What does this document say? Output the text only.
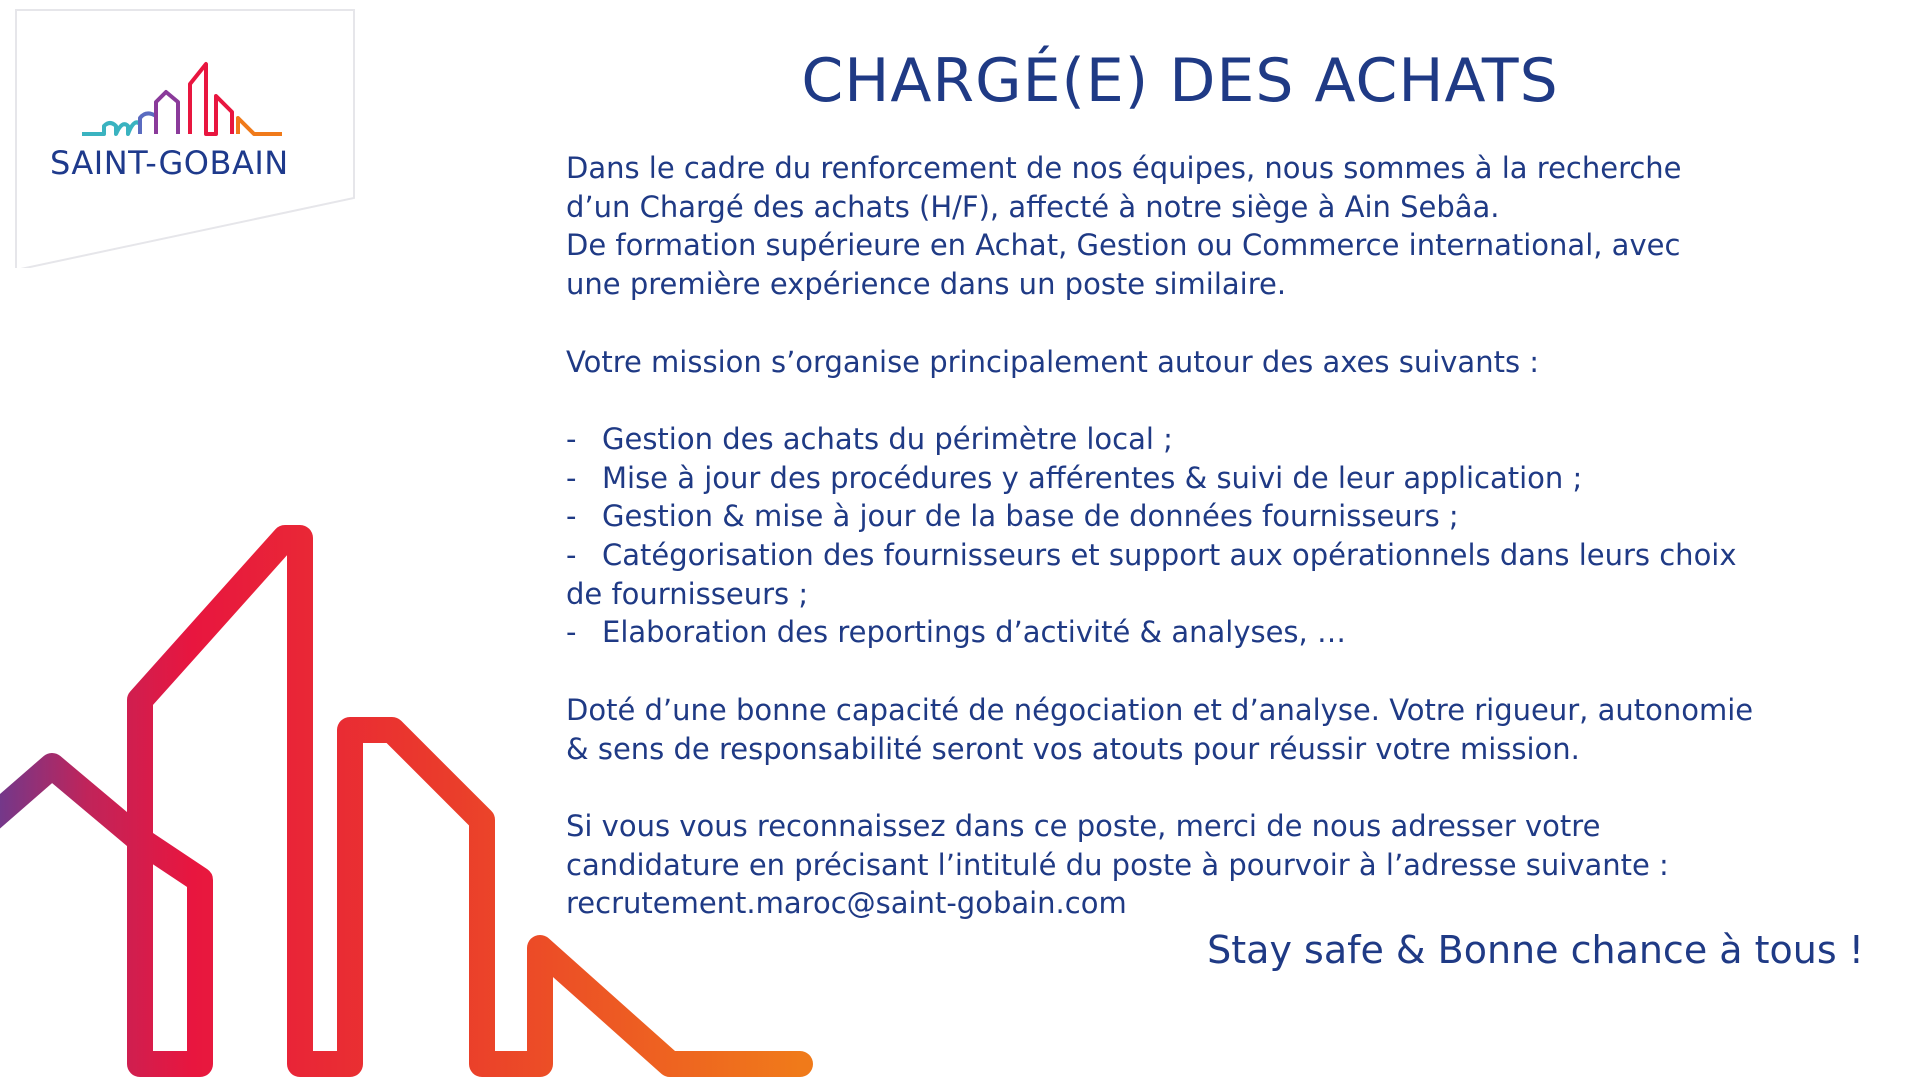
SAINT-GOBAIN
CHARGÉ(E) DES ACHATS

Dans le cadre du renforcement de nos équipes, nous sommes à la recherche

d’un Chargé des achats (H/F), affecté à notre siège à Ain Sebâa.

De formation supérieure en Achat, Gestion ou Commerce international, avec

une première expérience dans un poste similaire.

Votre mission s’organise principalement autour des axes suivants :

- Gestion des achats du périmètre local ;

- Mise à jour des procédures y afférentes & suivi de leur application ;

- Gestion & mise à jour de la base de données fournisseurs ;

- Catégorisation des fournisseurs et support aux opérationnels dans leurs choix

de fournisseurs ;

- Elaboration des reportings d’activité & analyses, …

Doté d’une bonne capacité de négociation et d’analyse. Votre rigueur, autonomie

& sens de responsabilité seront vos atouts pour réussir votre mission.

Si vous vous reconnaissez dans ce poste, merci de nous adresser votre

candidature en précisant l’intitulé du poste à pourvoir à l’adresse suivante :

recrutement.maroc@saint-gobain.com

Stay safe & Bonne chance à tous !
